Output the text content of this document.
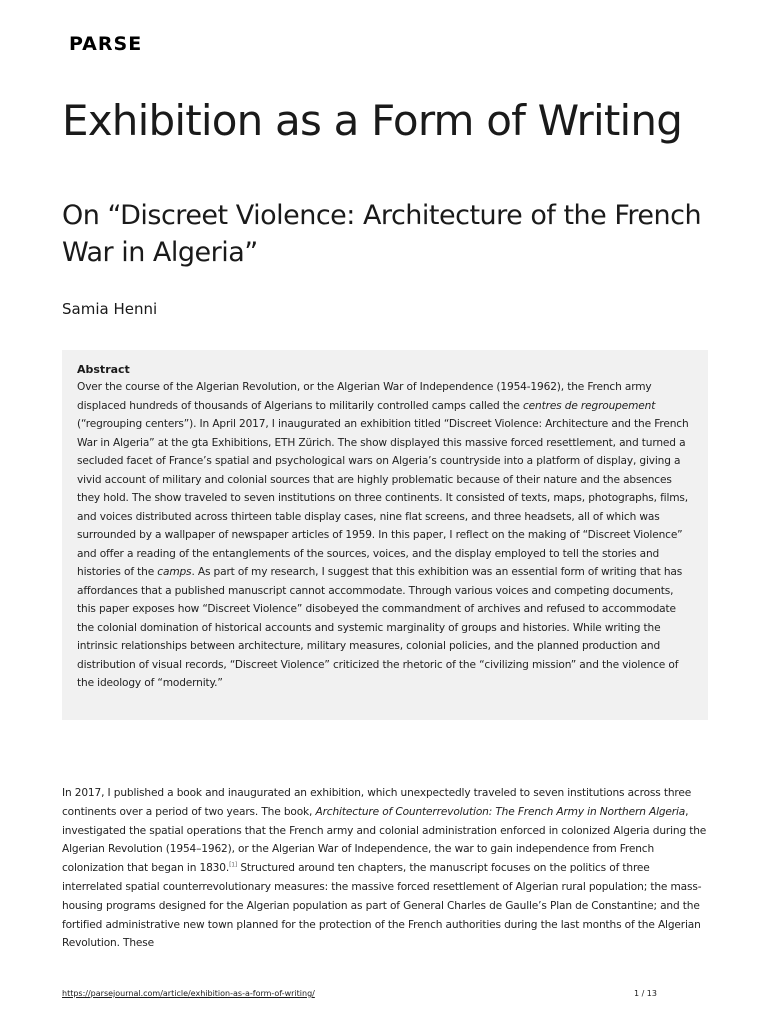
PARSE
Exhibition as a Form of Writing
On “Discreet Violence: Architecture of the French War in Algeria”

Samia Henni

Abstract

Over the course of the Algerian Revolution, or the Algerian War of Independence (1954-1962), the French army displaced hundreds of thousands of Algerians to militarily controlled camps called the centres de regroupement (“regrouping centers”). In April 2017, I inaugurated an exhibition titled “Discreet Violence: Architecture and the French War in Algeria” at the gta Exhibitions, ETH Zürich. The show displayed this massive forced resettlement, and turned a secluded facet of France’s spatial and psychological wars on Algeria’s countryside into a platform of display, giving a vivid account of military and colonial sources that are highly problematic because of their nature and the absences they hold. The show traveled to seven institutions on three continents. It consisted of texts, maps, photographs, films, and voices distributed across thirteen table display cases, nine flat screens, and three headsets, all of which was surrounded by a wallpaper of newspaper articles of 1959. In this paper, I reflect on the making of “Discreet Violence” and offer a reading of the entanglements of the sources, voices, and the display employed to tell the stories and histories of the camps. As part of my research, I suggest that this exhibition was an essential form of writing that has affordances that a published manuscript cannot accommodate. Through various voices and competing documents, this paper exposes how “Discreet Violence” disobeyed the commandment of archives and refused to accommodate the colonial domination of historical accounts and systemic marginality of groups and histories. While writing the intrinsic relationships between architecture, military measures, colonial policies, and the planned production and distribution of visual records, “Discreet Violence” criticized the rhetoric of the “civilizing mission” and the violence of the ideology of “modernity.”

In 2017, I published a book and inaugurated an exhibition, which unexpectedly traveled to seven institutions across three continents over a period of two years. The book, Architecture of Counterrevolution: The French Army in Northern Algeria, investigated the spatial operations that the French army and colonial administration enforced in colonized Algeria during the Algerian Revolution (1954–1962), or the Algerian War of Independence, the war to gain independence from French colonization that began in 1830.[1] Structured around ten chapters, the manuscript focuses on the politics of three interrelated spatial counterrevolutionary measures: the massive forced resettlement of Algerian rural population; the mass-housing programs designed for the Algerian population as part of General Charles de Gaulle’s Plan de Constantine; and the fortified administrative new town planned for the protection of the French authorities during the last months of the Algerian Revolution. These

https://parsejournal.com/article/exhibition-as-a-form-of-writing/	1 / 13
